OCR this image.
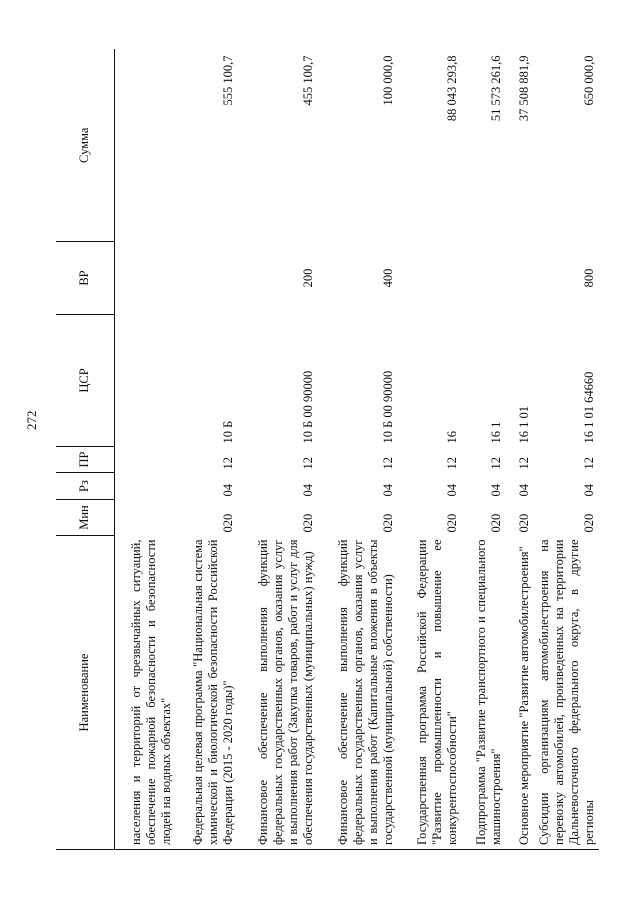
272
Наименование	Мин	Рз	ПР	ЦСР	ВР	Сумма
населения и территорий от чрезвычайных ситуаций, обеспечение пожарной безопасности и безопасности людей на водных объектах"						
Федеральная целевая программа "Национальная система химической и биологической безопасности Российской Федерации (2015 - 2020 годы)"	020	04	12	10 Б		555 100,7
Финансовое обеспечение выполнения функций федеральных государственных органов, оказания услуг и выполнения работ (Закупка товаров, работ и услуг для обеспечения государственных (муниципальных) нужд)	020	04	12	10 Б 00 90000	200	455 100,7
Финансовое обеспечение выполнения функций федеральных государственных органов, оказания услуг и выполнения работ (Капитальные вложения в объекты государственной (муниципальной) собственности)	020	04	12	10 Б 00 90000	400	100 000,0
Государственная программа Российской Федерации "Развитие промышленности и повышение ее конкурентоспособности"	020	04	12	16		88 043 293,8
Подпрограмма "Развитие транспортного и специального машиностроения"	020	04	12	16 1		51 573 261,6
Основное мероприятие "Развитие автомобилестроения"	020	04	12	16 1 01		37 508 881,9
Субсидии организациям автомобилестроения на перевозку автомобилей, произведенных на территории Дальневосточного федерального округа, в другие регионы	020	04	12	16 1 01 64660	800	650 000,0
